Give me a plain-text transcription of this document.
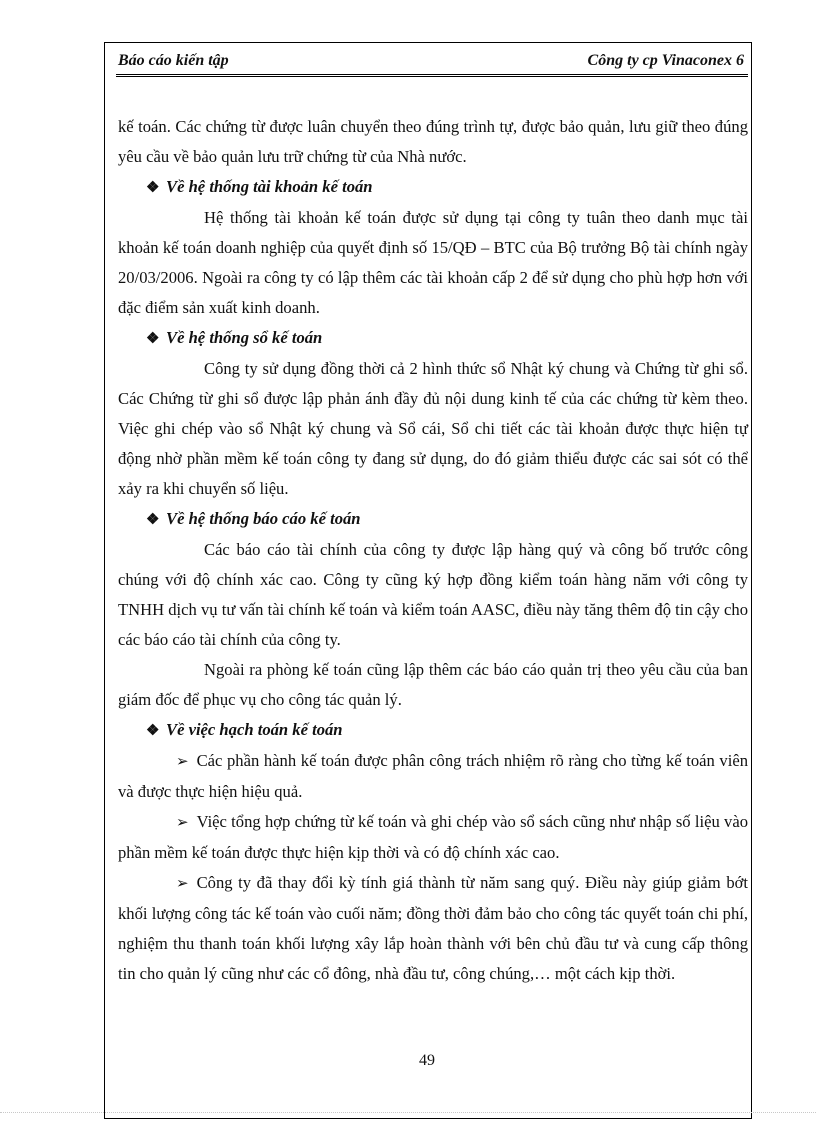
Báo cáo kiến tập	Công ty cp Vinaconex 6

kế toán. Các chứng từ được luân chuyển theo đúng trình tự, được bảo quản, lưu giữ theo đúng yêu cầu về bảo quản lưu trữ chứng từ của Nhà nước.

❖ Về hệ thống tài khoản kế toán

Hệ thống tài khoản kế toán được sử dụng tại công ty tuân theo danh mục tài khoản kế toán doanh nghiệp của quyết định số 15/QĐ – BTC của Bộ trưởng Bộ tài chính ngày 20/03/2006. Ngoài ra công ty có lập thêm các tài khoản cấp 2 để sử dụng cho phù hợp hơn với đặc điểm sản xuất kinh doanh.

❖ Về hệ thống sổ kế toán

Công ty sử dụng đồng thời cả 2 hình thức sổ Nhật ký chung và Chứng từ ghi sổ. Các Chứng từ ghi sổ được lập phản ánh đầy đủ nội dung kinh tế của các chứng từ kèm theo. Việc ghi chép vào sổ Nhật ký chung và Sổ cái, Sổ chi tiết các tài khoản được thực hiện tự động nhờ phần mềm kế toán công ty đang sử dụng, do đó giảm thiểu được các sai sót có thể xảy ra khi chuyển số liệu.

❖ Về hệ thống báo cáo kế toán

Các báo cáo tài chính của công ty được lập hàng quý và công bố trước công chúng với độ chính xác cao. Công ty cũng ký hợp đồng kiểm toán hàng năm với công ty TNHH dịch vụ tư vấn tài chính kế toán và kiểm toán AASC, điều này tăng thêm độ tin cậy cho các báo cáo tài chính của công ty.

Ngoài ra phòng kế toán cũng lập thêm các báo cáo quản trị theo yêu cầu của ban giám đốc để phục vụ cho công tác quản lý.

❖ Về việc hạch toán kế toán

➢ Các phần hành kế toán được phân công trách nhiệm rõ ràng cho từng kế toán viên và được thực hiện hiệu quả.

➢ Việc tổng hợp chứng từ kế toán và ghi chép vào sổ sách cũng như nhập số liệu vào phần mềm kế toán được thực hiện kịp thời và có độ chính xác cao.

➢ Công ty đã thay đổi kỳ tính giá thành từ năm sang quý. Điều này giúp giảm bớt khối lượng công tác kế toán vào cuối năm; đồng thời đảm bảo cho công tác quyết toán chi phí, nghiệm thu thanh toán khối lượng xây lắp hoàn thành với bên chủ đầu tư và cung cấp thông tin cho quản lý cũng như các cổ đông, nhà đầu tư, công chúng,… một cách kịp thời.

49
